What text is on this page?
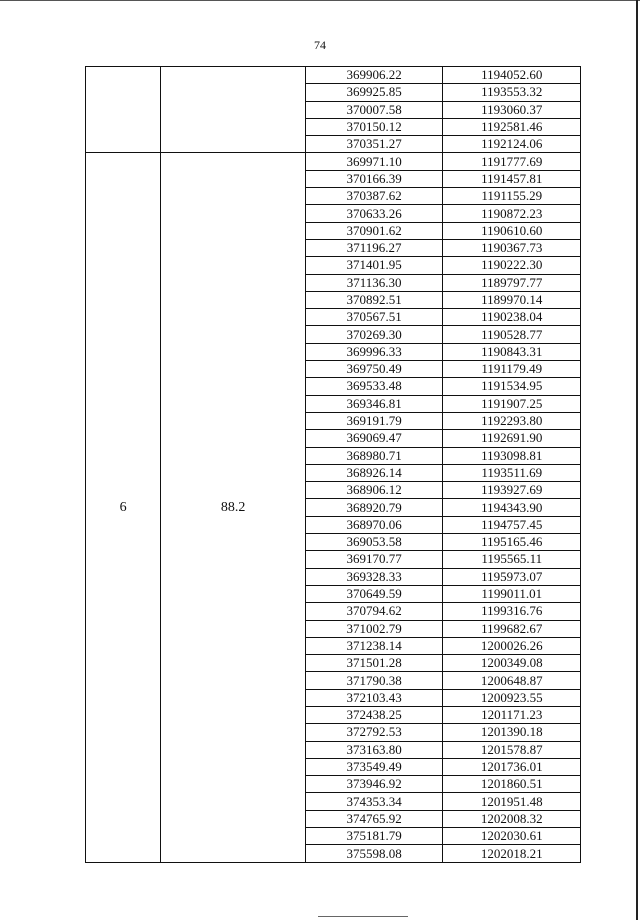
74
		369906.22	1194052.60
		369925.85	1193553.32
		370007.58	1193060.37
		370150.12	1192581.46
		370351.27	1192124.06
6	88.2	369971.10	1191777.69
		370166.39	1191457.81
		370387.62	1191155.29
		370633.26	1190872.23
		370901.62	1190610.60
		371196.27	1190367.73
		371401.95	1190222.30
		371136.30	1189797.77
		370892.51	1189970.14
		370567.51	1190238.04
		370269.30	1190528.77
		369996.33	1190843.31
		369750.49	1191179.49
		369533.48	1191534.95
		369346.81	1191907.25
		369191.79	1192293.80
		369069.47	1192691.90
		368980.71	1193098.81
		368926.14	1193511.69
		368906.12	1193927.69
		368920.79	1194343.90
		368970.06	1194757.45
		369053.58	1195165.46
		369170.77	1195565.11
		369328.33	1195973.07
		370649.59	1199011.01
		370794.62	1199316.76
		371002.79	1199682.67
		371238.14	1200026.26
		371501.28	1200349.08
		371790.38	1200648.87
		372103.43	1200923.55
		372438.25	1201171.23
		372792.53	1201390.18
		373163.80	1201578.87
		373549.49	1201736.01
		373946.92	1201860.51
		374353.34	1201951.48
		374765.92	1202008.32
		375181.79	1202030.61
		375598.08	1202018.21
